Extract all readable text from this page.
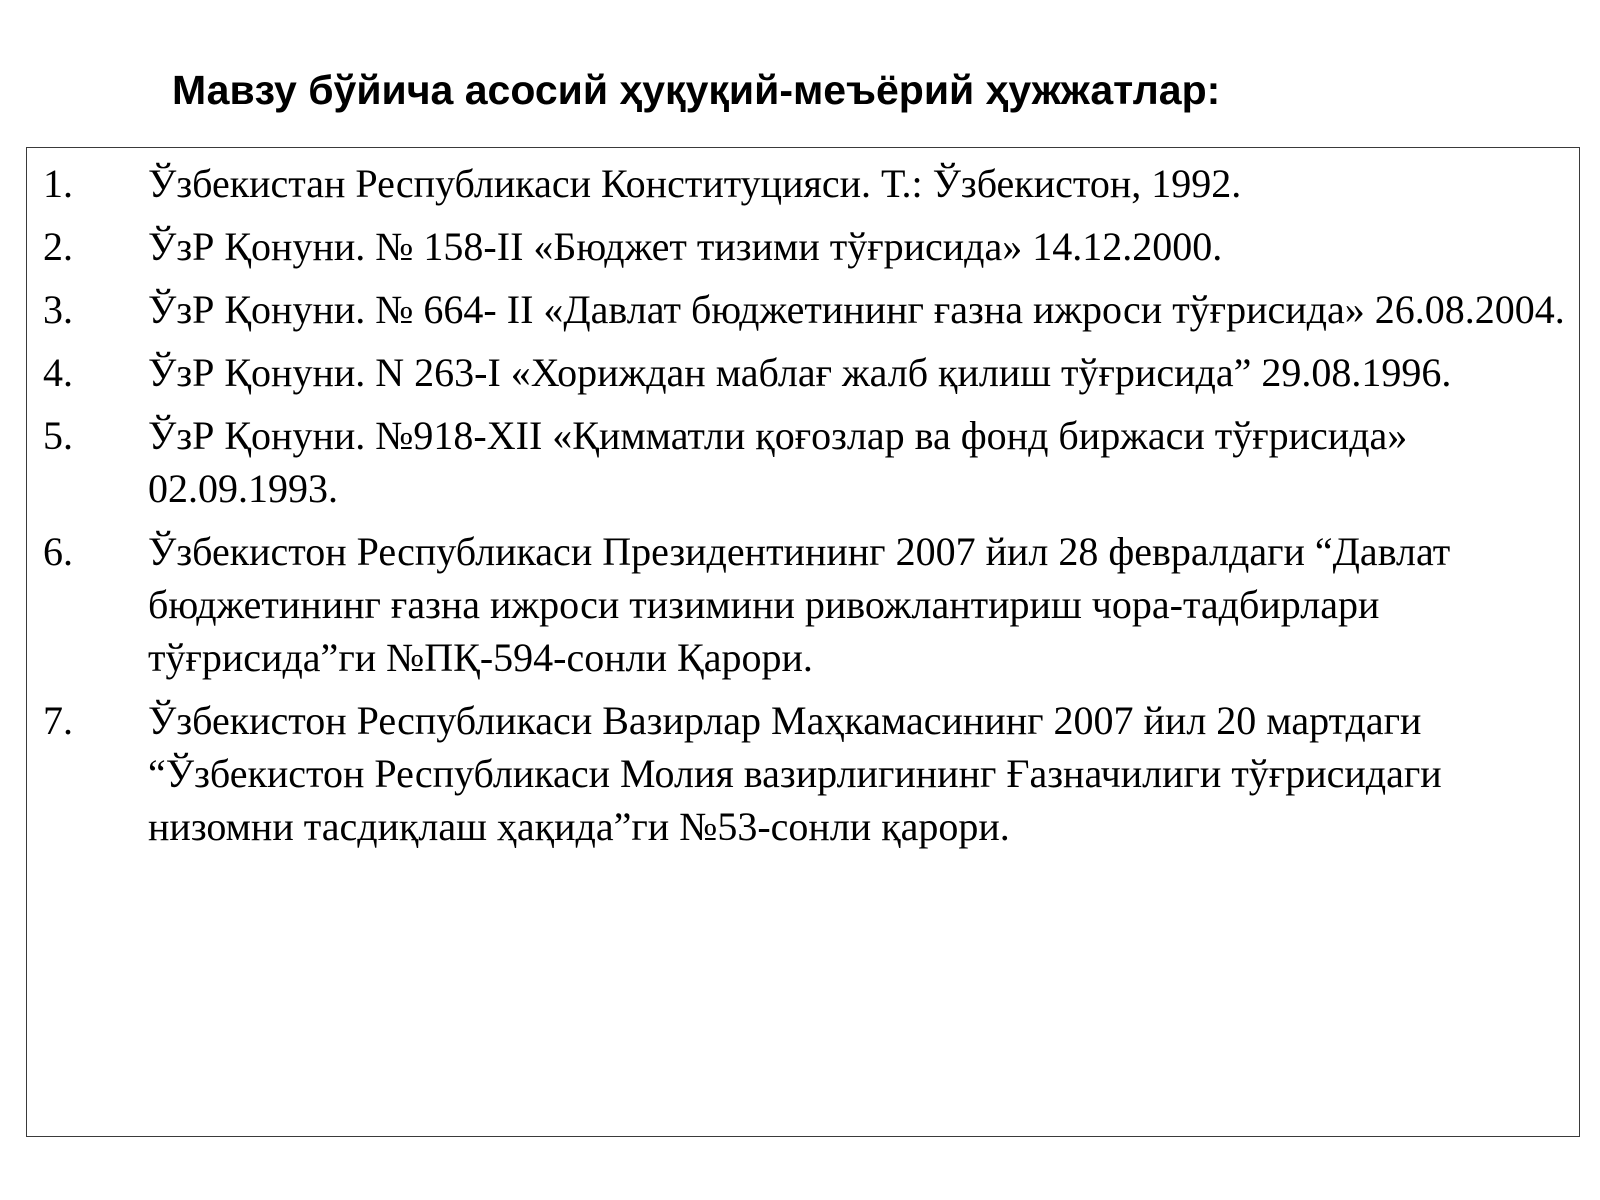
Мавзу бўйича асосий ҳуқуқий-меъёрий ҳужжатлар:
1. Ўзбекистан Республикаси Конституцияси. Т.: Ўзбекистон, 1992.
2. ЎзР Қонуни. № 158-II «Бюджет тизими тўғрисида» 14.12.2000.
3. ЎзР Қонуни. № 664- II «Давлат бюджетининг ғазна ижроси тўғрисида» 26.08.2004.
4. ЎзР Қонуни. N 263-I «Хориждан маблағ жалб қилиш тўғрисида” 29.08.1996.
5. ЎзР Қонуни. №918-XII «Қимматли қоғозлар ва фонд биржаси тўғрисида» 02.09.1993.
6. Ўзбекистон Республикаси Президентининг 2007 йил 28 февралдаги “Давлат бюджетининг ғазна ижроси тизимини ривожлантириш чора-тадбирлари тўғрисида”ги №ПҚ-594-сонли Қарори.
7. Ўзбекистон Республикаси Вазирлар Маҳкамасининг 2007 йил 20 мартдаги “Ўзбекистон Республикаси Молия вазирлигининг Ғазначилиги тўғрисидаги низомни тасдиқлаш ҳақида”ги №53-сонли қарори.
